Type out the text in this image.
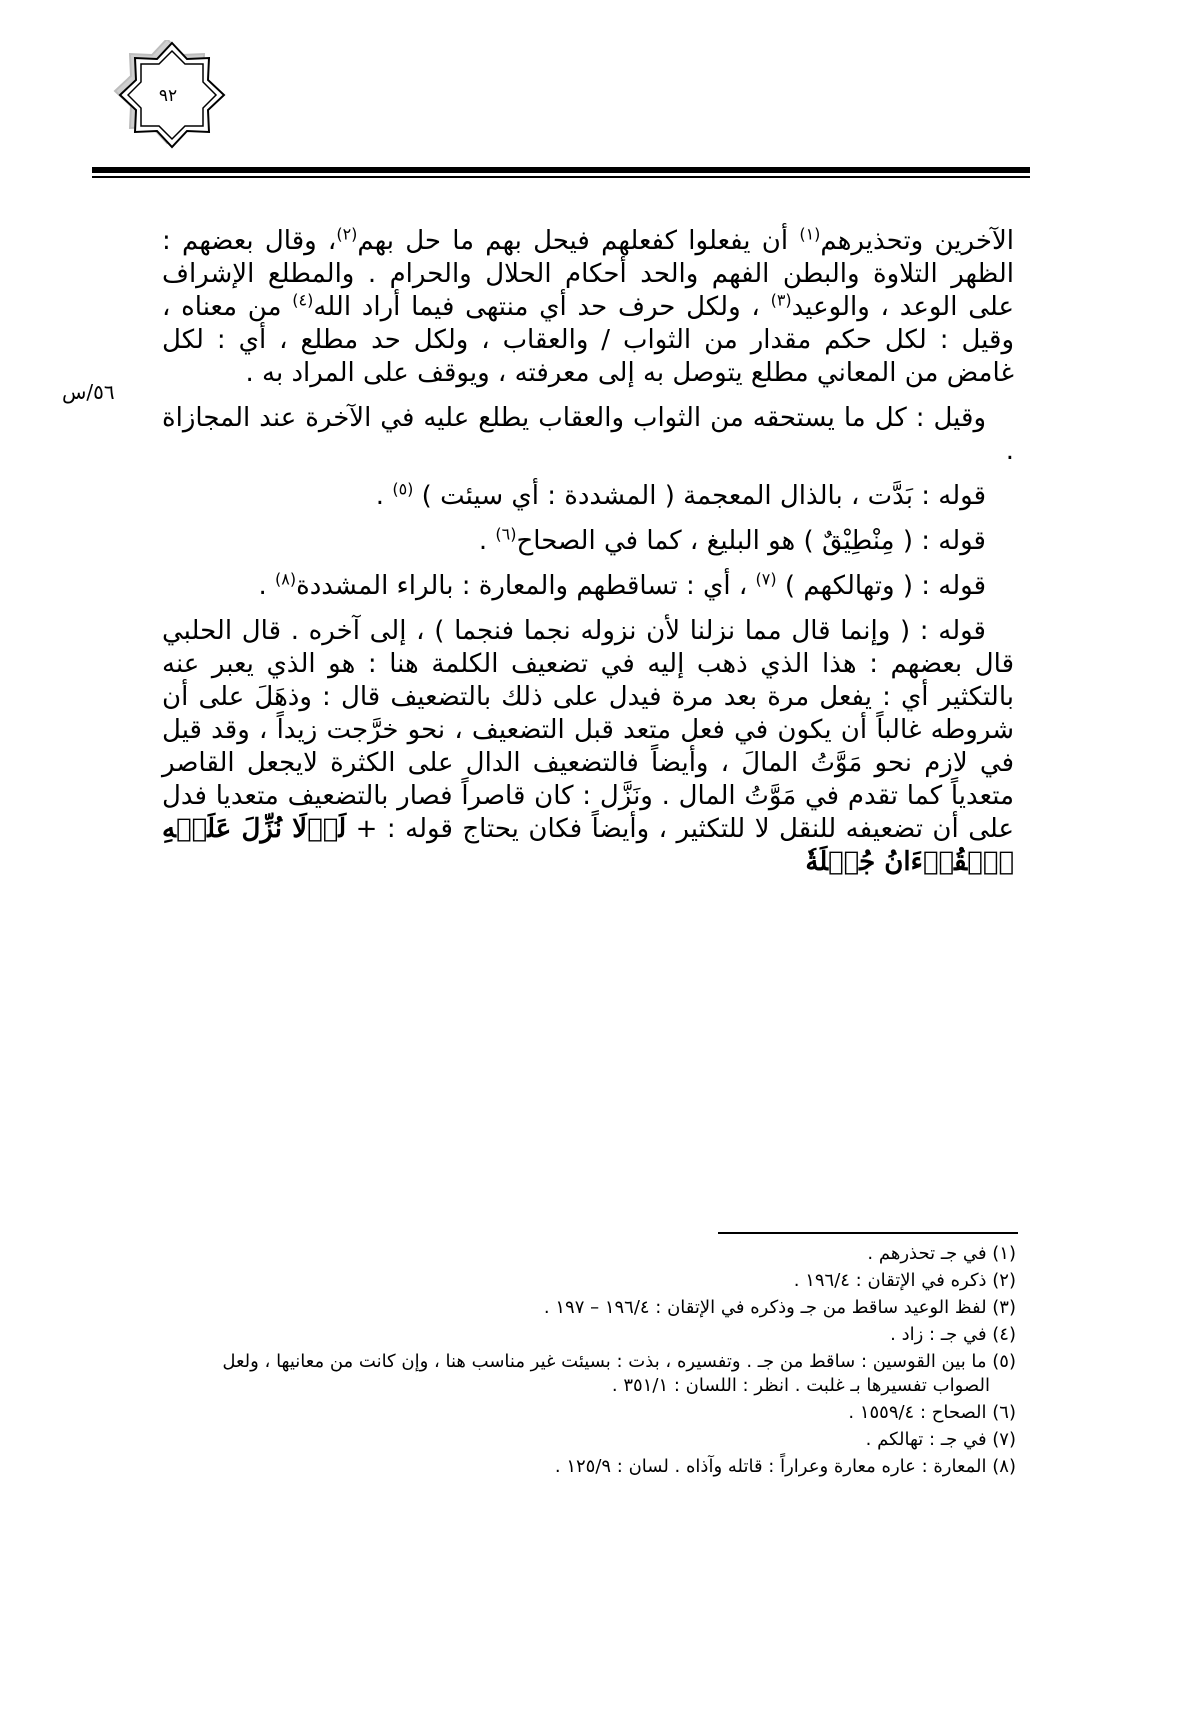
٩٢
٥٦/س

الآخرين وتحذيرهم$^{(١)}$ أن يفعلوا كفعلهم فيحل بهم ما حل بهم$^{(٢)}$، وقال بعضهم : الظهر التلاوة والبطن الفهم والحد أحكام الحلال والحرام . والمطلع الإشراف على الوعد ، والوعيد$^{(٣)}$ ، ولكل حرف حد أي منتهى فيما أراد الله$^{(٤)}$ من معناه ، وقيل : لكل حكم مقدار من الثواب / والعقاب ، ولكل حد مطلع ، أي : لكل غامض من المعاني مطلع يتوصل به إلى معرفته ، ويوقف على المراد به .

وقيل : كل ما يستحقه من الثواب والعقاب يطلع عليه في الآخرة عند المجازاة .

قوله : بَدَّت ، بالذال المعجمة ( المشددة : أي سيئت ) $^{(٥)}$ .

قوله : ( مِنْطِيْقٌ ) هو البليغ ، كما في الصحاح$^{(٦)}$ .

قوله : ( وتهالكهم ) $^{(٧)}$ ، أي : تساقطهم والمعارة : بالراء المشددة$^{(٨)}$ .

قوله : ( وإنما قال مما نزلنا لأن نزوله نجما فنجما ) ، إلى آخره . قال الحلبي قال بعضهم : هذا الذي ذهب إليه في تضعيف الكلمة هنا : هو الذي يعبر عنه بالتكثير أي : يفعل مرة بعد مرة فيدل على ذلك بالتضعيف قال : وذهَلَ على أن شروطه غالباً أن يكون في فعل متعد قبل التضعيف ، نحو خرَّجت زيداً ، وقد قيل في لازم نحو مَوَّتُ المالَ ، وأيضاً فالتضعيف الدال على الكثرة لايجعل القاصر متعدياً كما تقدم في مَوَّتُ المال . ونَزَّل : كان قاصراً فصار بالتضعيف متعديا فدل على أن تضعيفه للنقل لا للتكثير ، وأيضاً فكان يحتاج قوله : + لَوۡلَا نُزِّلَ عَلَيۡهِ ٱلۡقُرۡءَانُ جُمۡلَةٗ

(١) في جـ تحذرهم .
(٢) ذكره في الإتقان : ١٩٦/٤ .
(٣) لفظ الوعيد ساقط من جـ وذكره في الإتقان : ١٩٦/٤ – ١٩٧ .
(٤) في جـ : زاد .
(٥) ما بين القوسين : ساقط من جـ . وتفسيره ، بذت : بسيئت غير مناسب هنا ، وإن كانت من معانيها ، ولعل الصواب تفسيرها بـ غلبت . انظر : اللسان : ٣٥١/١ .
(٦) الصحاح : ١٥٥٩/٤ .
(٧) في جـ : تهالكم .
(٨) المعارة : عاره معارة وعراراً : قاتله وآذاه . لسان : ١٢٥/٩ .
